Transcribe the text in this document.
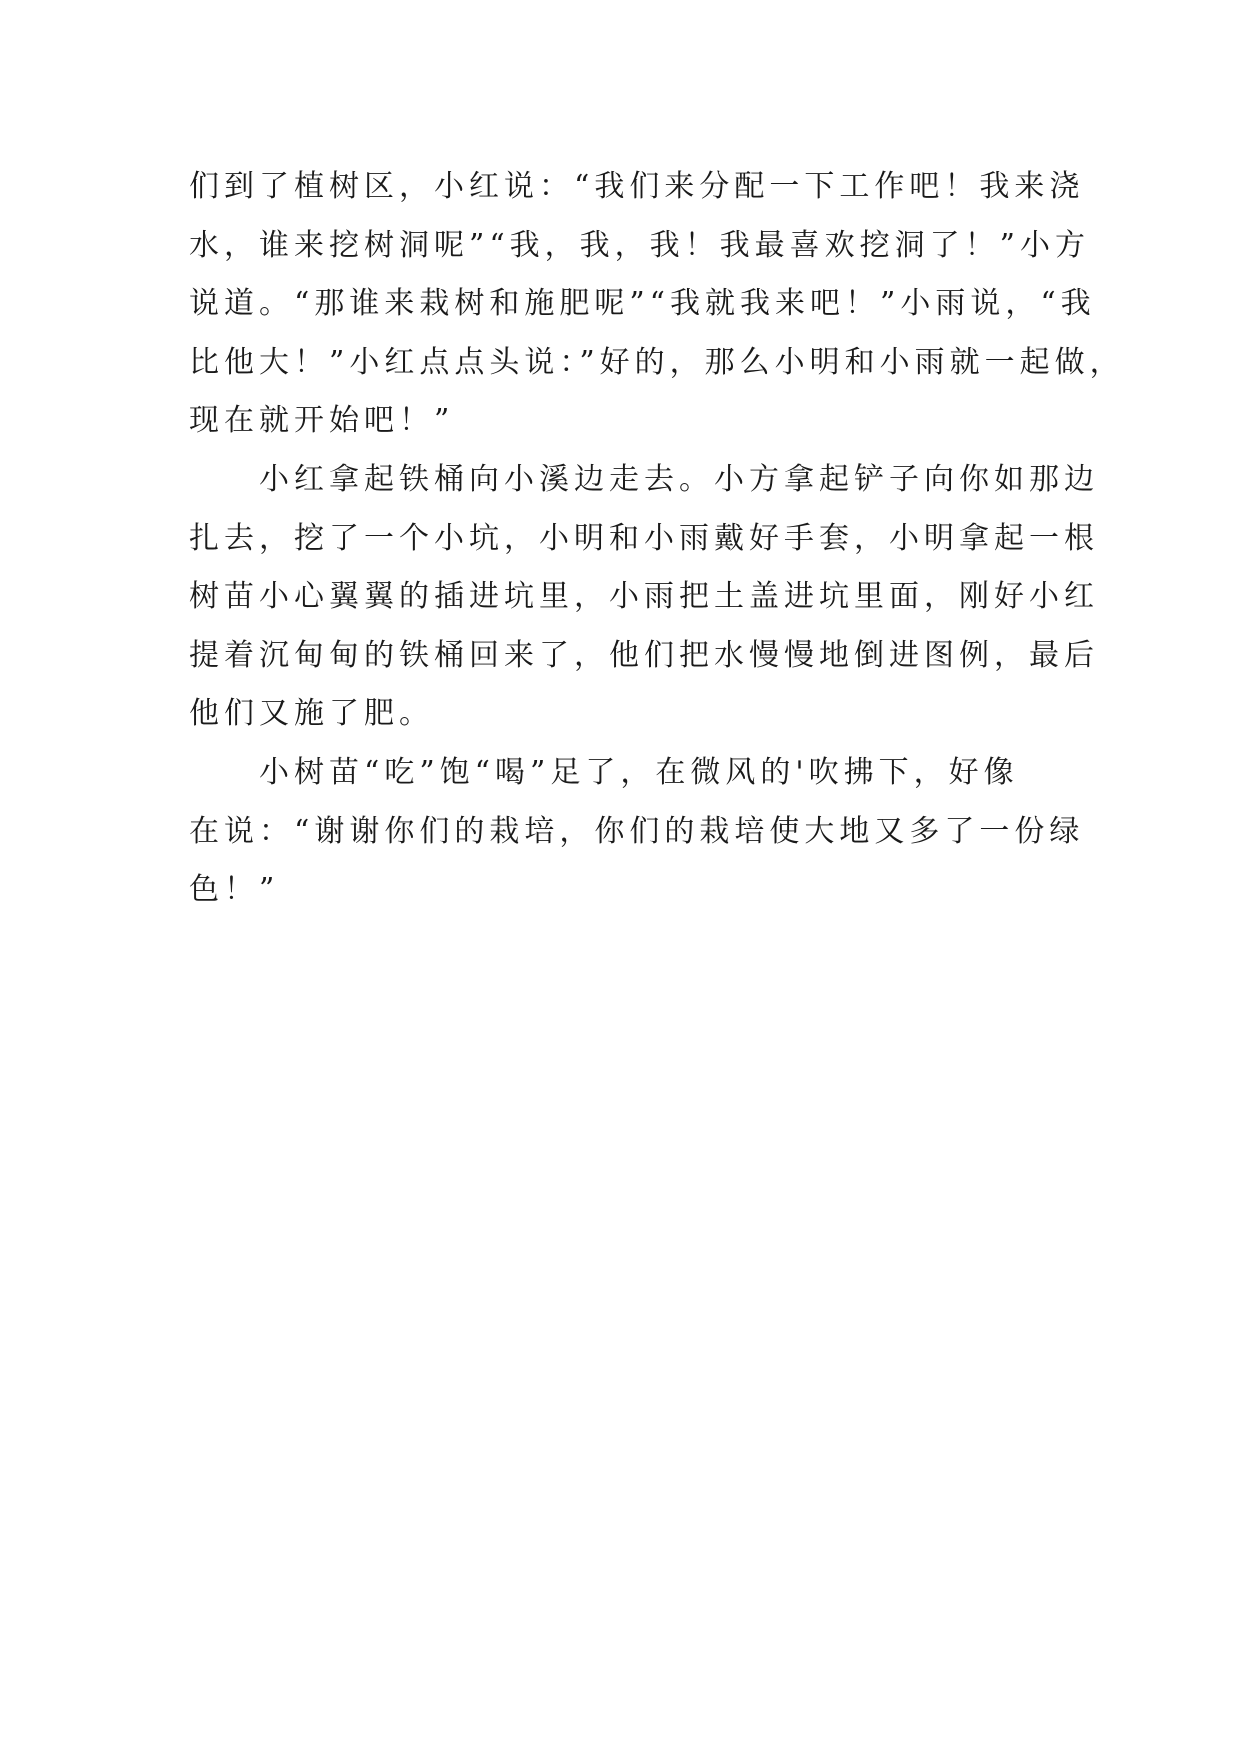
们到了植树区，小红说：“我们来分配一下工作吧！我来浇
水，谁来挖树洞呢”“我，我，我！我最喜欢挖洞了！”小方
说道。“那谁来栽树和施肥呢”“我就我来吧！”小雨说，“我
比他大！”小红点点头说：”好的，那么小明和小雨就一起做，
现在就开始吧！”
小红拿起铁桶向小溪边走去。小方拿起铲子向你如那边
扎去，挖了一个小坑，小明和小雨戴好手套，小明拿起一根
树苗小心翼翼的插进坑里，小雨把土盖进坑里面，刚好小红
提着沉甸甸的铁桶回来了，他们把水慢慢地倒进图例，最后
他们又施了肥。
小树苗“吃”饱“喝”足了，在微风的'吹拂下，好像
在说：“谢谢你们的栽培，你们的栽培使大地又多了一份绿
色！”
